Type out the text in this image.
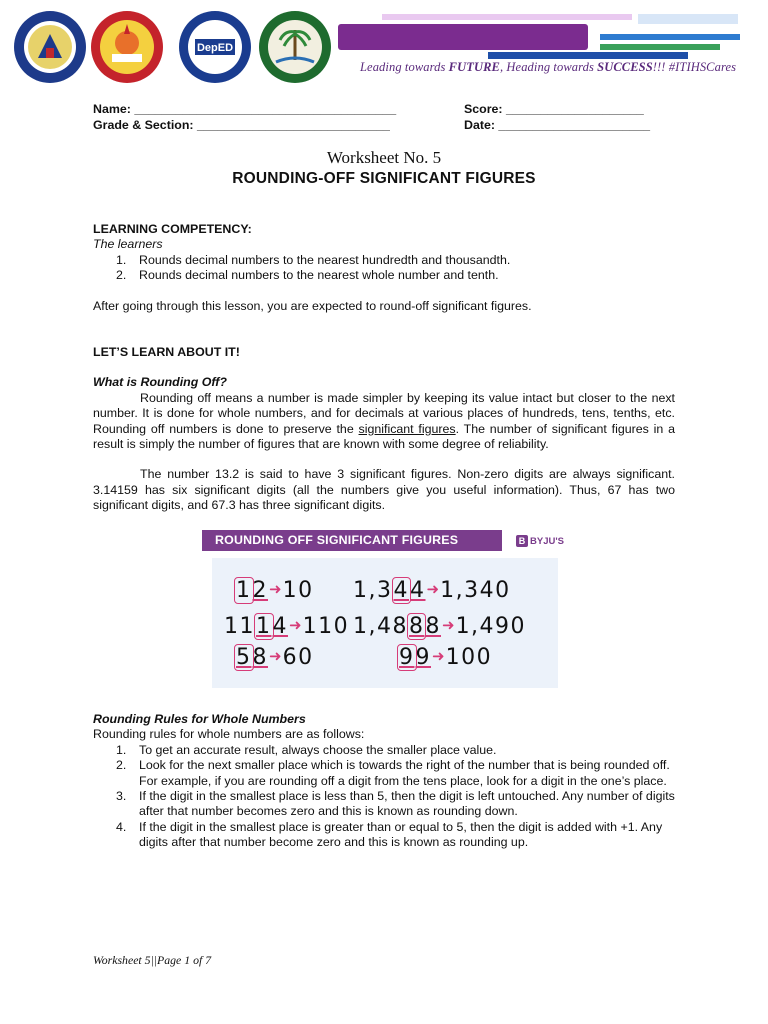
DepED
Leading towards FUTURE, Heading towards SUCCESS!!! #ITIHSCares
Name: ______________________________________	Score: ____________________
Grade & Section: ____________________________	Date: ______________________
Worksheet No. 5
ROUNDING-OFF SIGNIFICANT FIGURES
LEARNING COMPETENCY:
The learners
1. Rounds decimal numbers to the nearest hundredth and thousandth.
2. Rounds decimal numbers to the nearest whole number and tenth.
After going through this lesson, you are expected to round-off significant figures.
LET’S LEARN ABOUT IT!
What is Rounding Off?

Rounding off means a number is made simpler by keeping its value intact but closer to the next number. It is done for whole numbers, and for decimals at various places of hundreds, tens, tenths, etc. Rounding off numbers is done to preserve the significant figures. The number of significant figures in a result is simply the number of figures that are known with some degree of reliability.

The number 13.2 is said to have 3 significant figures. Non-zero digits are always significant. 3.14159 has six significant digits (all the numbers give you useful information). Thus, 67 has two significant digits, and 67.3 has three significant digits.

ROUNDING OFF SIGNIFICANT FIGURES	B BYJU'S
12➜10 1,344➜1,340
1114➜110 1,4888➜1,490
58➜60	99➜100
Rounding Rules for Whole Numbers
Rounding rules for whole numbers are as follows:
1. To get an accurate result, always choose the smaller place value.
2. Look for the next smaller place which is towards the right of the number that is being rounded off. For example, if you are rounding off a digit from the tens place, look for a digit in the one’s place.
3. If the digit in the smallest place is less than 5, then the digit is left untouched. Any number of digits after that number becomes zero and this is known as rounding down.
4. If the digit in the smallest place is greater than or equal to 5, then the digit is added with +1. Any digits after that number become zero and this is known as rounding up.
Worksheet 5||Page 1 of 7
